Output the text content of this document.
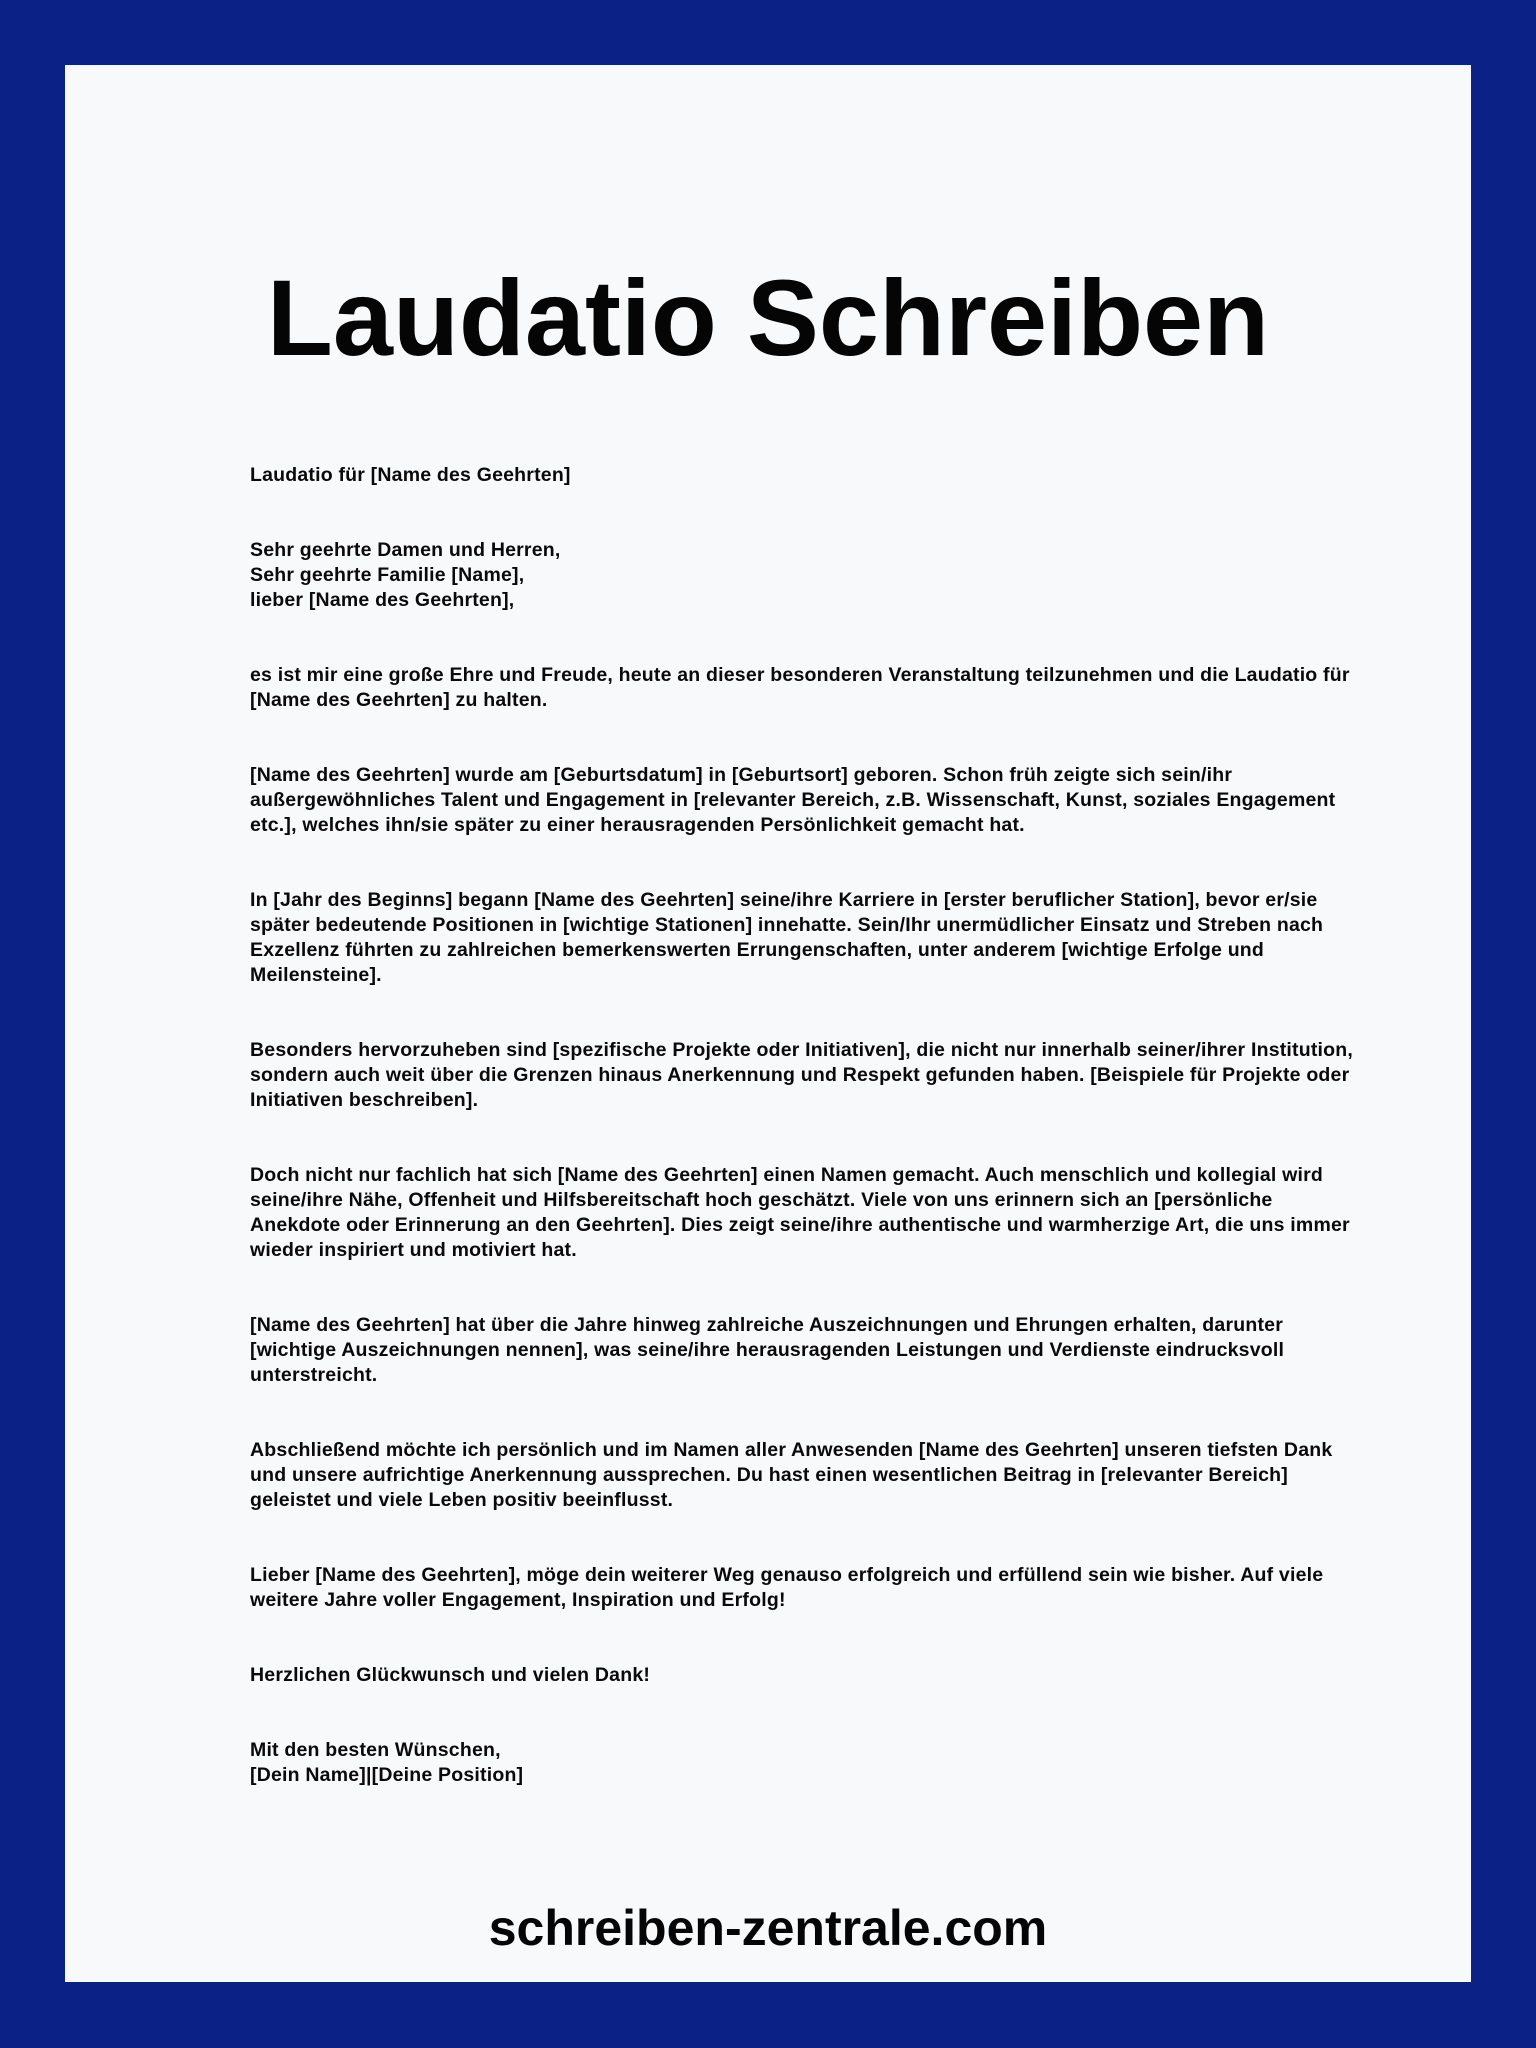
Laudatio Schreiben

Laudatio für [Name des Geehrten]

Sehr geehrte Damen und Herren,
Sehr geehrte Familie [Name],
lieber [Name des Geehrten],

es ist mir eine große Ehre und Freude, heute an dieser besonderen Veranstaltung teilzunehmen und die Laudatio für [Name des Geehrten] zu halten.

[Name des Geehrten] wurde am [Geburtsdatum] in [Geburtsort] geboren. Schon früh zeigte sich sein/ihr außergewöhnliches Talent und Engagement in [relevanter Bereich, z.B. Wissenschaft, Kunst, soziales Engagement etc.], welches ihn/sie später zu einer herausragenden Persönlichkeit gemacht hat.

In [Jahr des Beginns] begann [Name des Geehrten] seine/ihre Karriere in [erster beruflicher Station], bevor er/sie später bedeutende Positionen in [wichtige Stationen] innehatte. Sein/Ihr unermüdlicher Einsatz und Streben nach Exzellenz führten zu zahlreichen bemerkenswerten Errungenschaften, unter anderem [wichtige Erfolge und Meilensteine].

Besonders hervorzuheben sind [spezifische Projekte oder Initiativen], die nicht nur innerhalb seiner/ihrer Institution, sondern auch weit über die Grenzen hinaus Anerkennung und Respekt gefunden haben. [Beispiele für Projekte oder Initiativen beschreiben].

Doch nicht nur fachlich hat sich [Name des Geehrten] einen Namen gemacht. Auch menschlich und kollegial wird seine/ihre Nähe, Offenheit und Hilfsbereitschaft hoch geschätzt. Viele von uns erinnern sich an [persönliche Anekdote oder Erinnerung an den Geehrten]. Dies zeigt seine/ihre authentische und warmherzige Art, die uns immer wieder inspiriert und motiviert hat.

[Name des Geehrten] hat über die Jahre hinweg zahlreiche Auszeichnungen und Ehrungen erhalten, darunter [wichtige Auszeichnungen nennen], was seine/ihre herausragenden Leistungen und Verdienste eindrucksvoll unterstreicht.

Abschließend möchte ich persönlich und im Namen aller Anwesenden [Name des Geehrten] unseren tiefsten Dank und unsere aufrichtige Anerkennung aussprechen. Du hast einen wesentlichen Beitrag in [relevanter Bereich] geleistet und viele Leben positiv beeinflusst.

Lieber [Name des Geehrten], möge dein weiterer Weg genauso erfolgreich und erfüllend sein wie bisher. Auf viele weitere Jahre voller Engagement, Inspiration und Erfolg!

Herzlichen Glückwunsch und vielen Dank!

Mit den besten Wünschen,
[Dein Name]|[Deine Position]

schreiben-zentrale.com
